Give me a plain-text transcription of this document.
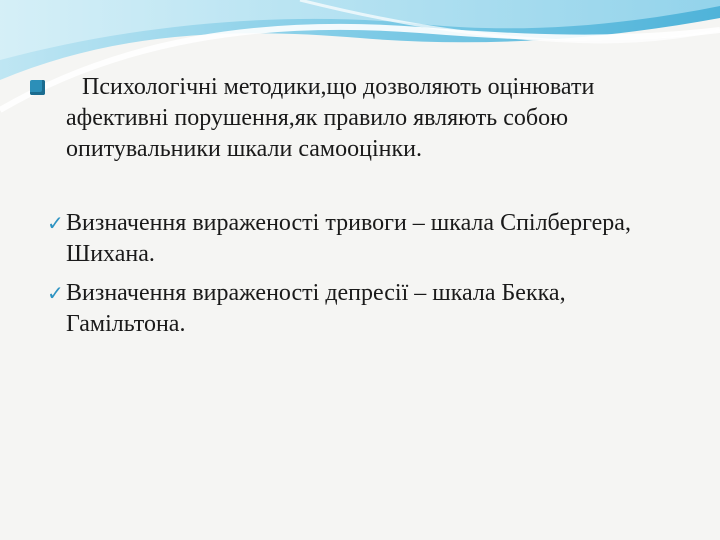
Психологічні методики,що дозволяють оцінювати
афективні порушення,як правило являють собою опитувальники шкали самооцінки.
✓ Визначення вираженості тривоги – шкала Спілбергера,
Шихана.
✓ Визначення вираженості депресії – шкала Бекка,
Гамільтона.
